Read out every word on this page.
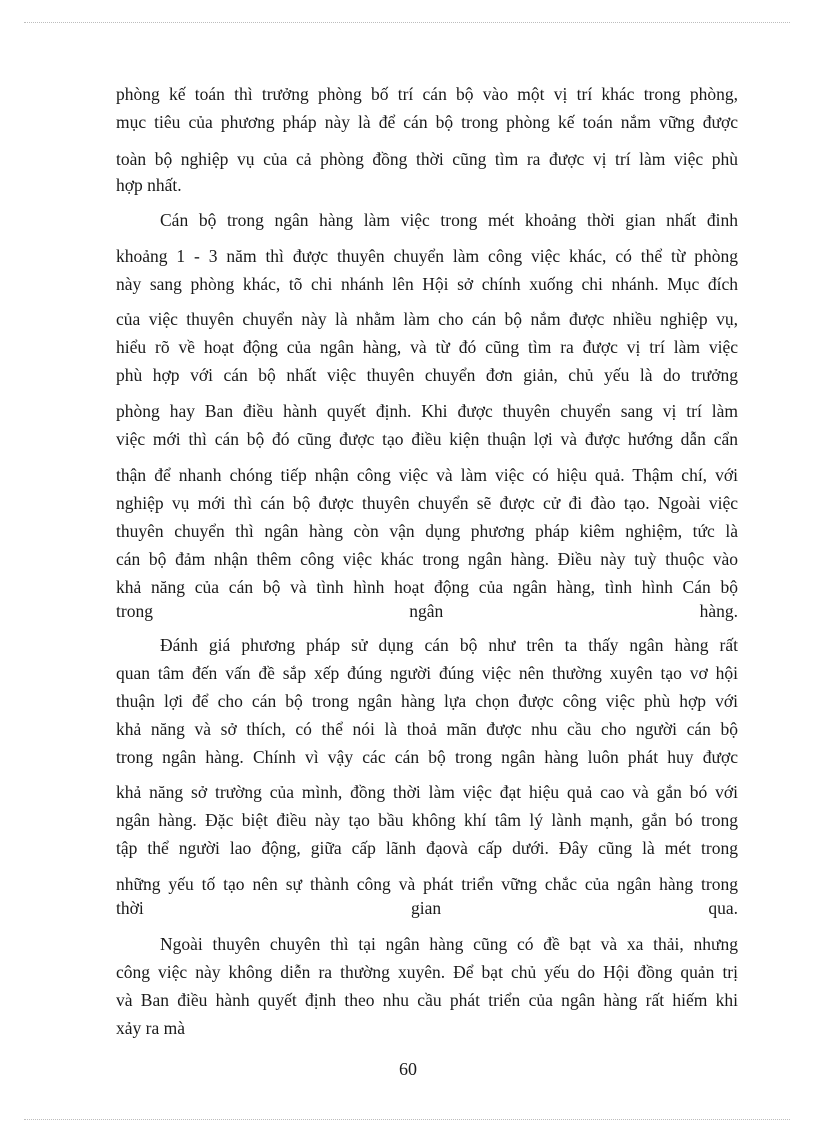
phòng kế toán thì trưởng phòng bố trí cán bộ vào một vị trí khác trong phòng,
mục tiêu của phương pháp này là để cán bộ trong phòng kế toán nắm vững được
toàn bộ nghiệp vụ của cả phòng đồng thời cũng tìm ra được vị trí làm việc phù
hợp nhất.
Cán bộ trong ngân hàng làm việc trong mét khoảng thời gian nhất đinh
khoảng 1 - 3 năm thì được thuyên chuyển làm công việc khác, có thể từ phòng
này sang phòng khác, tõ chi nhánh lên Hội sở chính xuống chi nhánh. Mục đích
của việc thuyên chuyển này là nhằm làm cho cán bộ nắm được nhiều nghiệp vụ,
hiểu rõ về hoạt động của ngân hàng, và từ đó cũng tìm ra được vị trí làm việc
phù hợp với cán bộ nhất việc thuyên chuyển đơn giản, chủ yếu là do trưởng
phòng hay Ban điều hành quyết định. Khi được thuyên chuyển sang vị trí làm
việc mới thì cán bộ đó cũng được tạo điều kiện thuận lợi và được hướng dẫn cẩn
thận để nhanh chóng tiếp nhận công việc và làm việc có hiệu quả. Thậm chí, với
nghiệp vụ mới thì cán bộ được thuyên chuyển sẽ được cử đi đào tạo. Ngoài việc
thuyên chuyển thì ngân hàng còn vận dụng phương pháp kiêm nghiệm, tức là
cán bộ đảm nhận thêm công việc khác trong ngân hàng. Điều này tuỳ thuộc vào
khả năng của cán bộ và tình hình hoạt động của ngân hàng, tình hình Cán bộ
trong ngân hàng.
Đánh giá phương pháp sử dụng cán bộ như trên ta thấy ngân hàng rất
quan tâm đến vấn đề sắp xếp đúng người đúng việc nên thường xuyên tạo vơ hội
thuận lợi để cho cán bộ trong ngân hàng lựa chọn được công việc phù hợp với
khả năng và sở thích, có thể nói là thoả mãn được nhu cầu cho người cán bộ
trong ngân hàng. Chính vì vậy các cán bộ trong ngân hàng luôn phát huy được
khả năng sở trường của mình, đồng thời làm việc đạt hiệu quả cao và gắn bó với
ngân hàng. Đặc biệt điều này tạo bầu không khí tâm lý lành mạnh, gắn bó trong
tập thể người lao động, giữa cấp lãnh đạovà cấp dưới. Đây cũng là mét trong
những yếu tố tạo nên sự thành công và phát triển vững chắc của ngân hàng trong
thời gian qua.
Ngoài thuyên chuyên thì tại ngân hàng cũng có đề bạt và xa thải, nhưng
công việc này không diễn ra thường xuyên. Để bạt chủ yếu do Hội đồng quản trị
và Ban điều hành quyết định theo nhu cầu phát triển của ngân hàng rất hiếm khi
xảy ra mà
60
